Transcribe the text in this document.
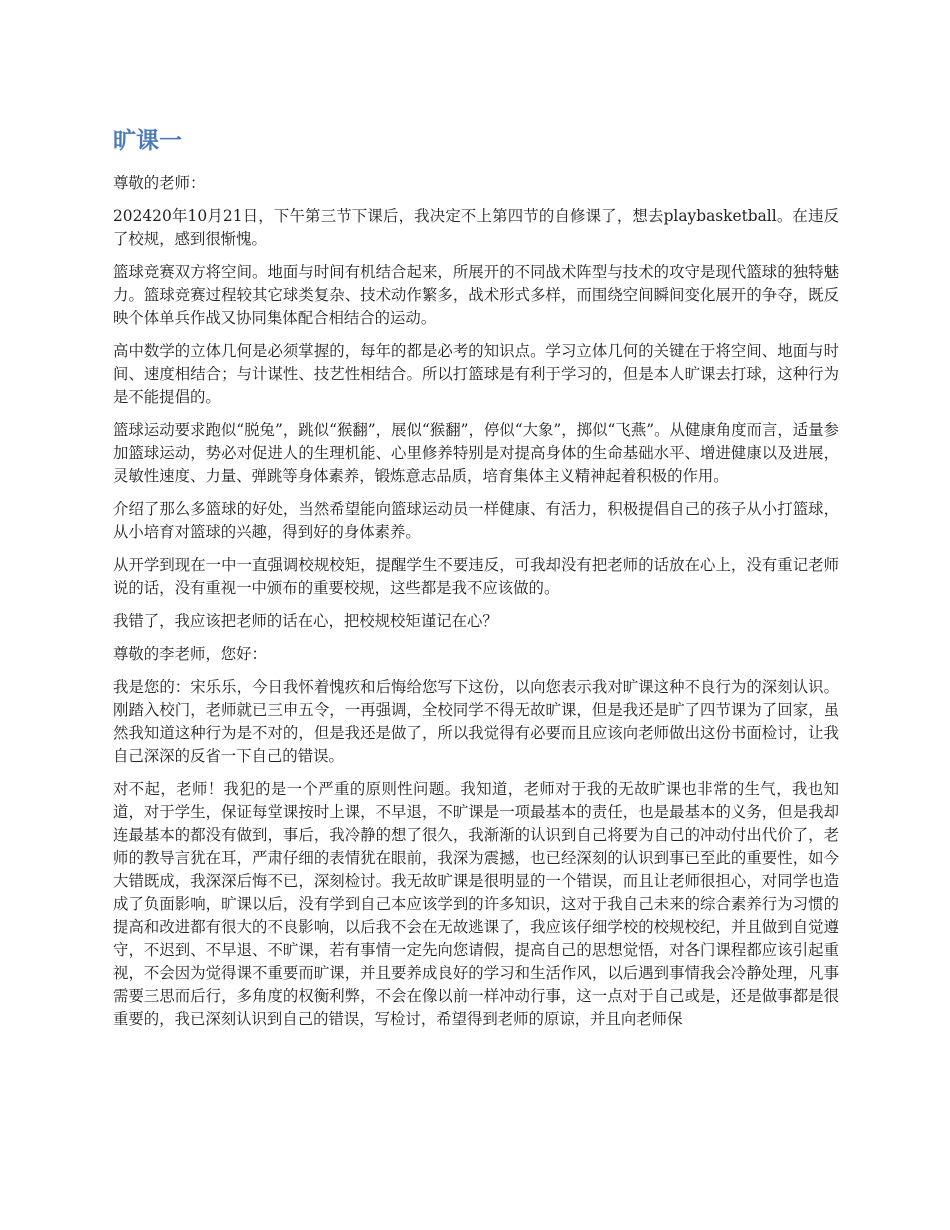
旷课一

尊敬的老师：

202420年10月21日，下午第三节下课后，我决定不上第四节的自修课了，想去playbasketball。在违反了校规，感到很惭愧。

篮球竞赛双方将空间。地面与时间有机结合起来，所展开的不同战术阵型与技术的攻守是现代篮球的独特魅力。篮球竞赛过程较其它球类复杂、技术动作繁多，战术形式多样，而围绕空间瞬间变化展开的争夺，既反映个体单兵作战又协同集体配合相结合的运动。

高中数学的立体几何是必须掌握的，每年的都是必考的知识点。学习立体几何的关键在于将空间、地面与时间、速度相结合；与计谋性、技艺性相结合。所以打篮球是有利于学习的，但是本人旷课去打球，这种行为是不能提倡的。

篮球运动要求跑似“脱兔”，跳似“猴翻”，展似“猴翻”，停似“大象”，掷似“飞燕”。从健康角度而言，适量参加篮球运动，势必对促进人的生理机能、心里修养特别是对提高身体的生命基础水平、增进健康以及进展，灵敏性速度、力量、弹跳等身体素养，锻炼意志品质，培育集体主义精神起着积极的作用。

介绍了那么多篮球的好处，当然希望能向篮球运动员一样健康、有活力，积极提倡自己的孩子从小打篮球，从小培育对篮球的兴趣，得到好的身体素养。

从开学到现在一中一直强调校规校矩，提醒学生不要违反，可我却没有把老师的话放在心上，没有重记老师说的话，没有重视一中颁布的重要校规，这些都是我不应该做的。

我错了，我应该把老师的话在心，把校规校矩谨记在心？

尊敬的李老师，您好：

我是您的：宋乐乐，今日我怀着愧疚和后悔给您写下这份，以向您表示我对旷课这种不良行为的深刻认识。刚踏入校门，老师就已三申五令，一再强调，全校同学不得无故旷课，但是我还是旷了四节课为了回家，虽然我知道这种行为是不对的，但是我还是做了，所以我觉得有必要而且应该向老师做出这份书面检讨，让我自己深深的反省一下自己的错误。

对不起，老师！我犯的是一个严重的原则性问题。我知道，老师对于我的无故旷课也非常的生气，我也知道，对于学生，保证每堂课按时上课，不早退，不旷课是一项最基本的责任，也是最基本的义务，但是我却连最基本的都没有做到，事后，我冷静的想了很久，我渐渐的认识到自己将要为自己的冲动付出代价了，老师的教导言犹在耳，严肃仔细的表情犹在眼前，我深为震撼，也已经深刻的认识到事已至此的重要性，如今大错既成，我深深后悔不已，深刻检讨。我无故旷课是很明显的一个错误，而且让老师很担心，对同学也造成了负面影响，旷课以后，没有学到自己本应该学到的许多知识，这对于我自己未来的综合素养行为习惯的提高和改进都有很大的不良影响，以后我不会在无故逃课了，我应该仔细学校的校规校纪，并且做到自觉遵守，不迟到、不早退、不旷课，若有事情一定先向您请假，提高自己的思想觉悟，对各门课程都应该引起重视，不会因为觉得课不重要而旷课，并且要养成良好的学习和生活作风，以后遇到事情我会冷静处理，凡事需要三思而后行，多角度的权衡利弊，不会在像以前一样冲动行事，这一点对于自己或是，还是做事都是很重要的，我已深刻认识到自己的错误，写检讨，希望得到老师的原谅，并且向老师保
